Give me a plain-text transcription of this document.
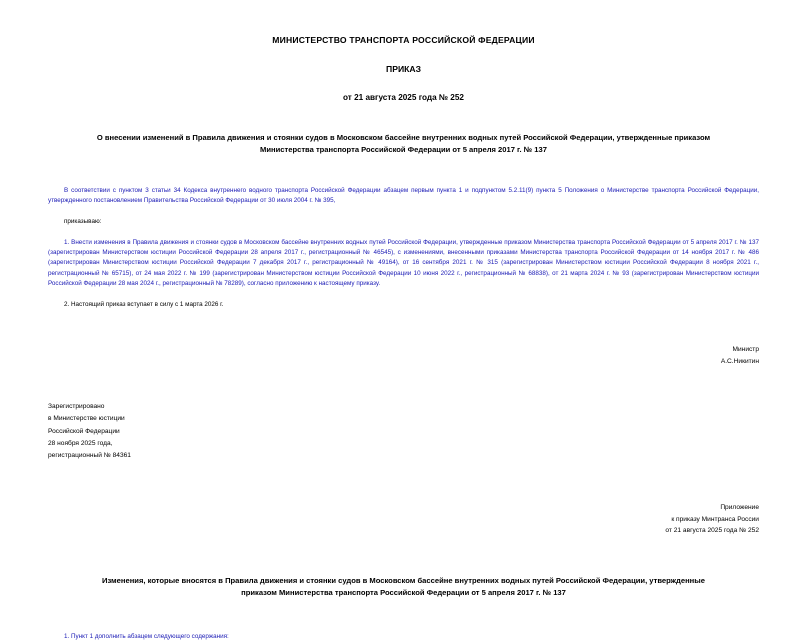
МИНИСТЕРСТВО ТРАНСПОРТА РОССИЙСКОЙ ФЕДЕРАЦИИ
ПРИКАЗ
от 21 августа 2025 года № 252
О внесении изменений в Правила движения и стоянки судов в Московском бассейне внутренних водных путей Российской Федерации, утвержденные приказом
Министерства транспорта Российской Федерации от 5 апреля 2017 г. № 137
В соответствии с пунктом 3 статьи 34 Кодекса внутреннего водного транспорта Российской Федерации абзацем первым пункта 1 и подпунктом 5.2.11(9) пункта 5 Положения о Министерстве транспорта Российской Федерации, утвержденного постановлением Правительства Российской Федерации от 30 июля 2004 г. № 395,
приказываю:
1. Внести изменения в Правила движения и стоянки судов в Московском бассейне внутренних водных путей Российской Федерации, утвержденные приказом Министерства транспорта Российской Федерации от 5 апреля 2017 г. № 137 (зарегистрирован Министерством юстиции Российской Федерации 28 апреля 2017 г., регистрационный № 46545), с изменениями, внесенными приказами Министерства транспорта Российской Федерации от 14 ноября 2017 г. № 486 (зарегистрирован Министерством юстиции Российской Федерации 7 декабря 2017 г., регистрационный № 49164), от 16 сентября 2021 г. № 315 (зарегистрирован Министерством юстиции Российской Федерации 8 ноября 2021 г., регистрационный № 65715), от 24 мая 2022 г. № 199 (зарегистрирован Министерством юстиции Российской Федерации 10 июня 2022 г., регистрационный № 68838), от 21 марта 2024 г. № 93 (зарегистрирован Министерством юстиции Российской Федерации 28 мая 2024 г., регистрационный № 78289), согласно приложению к настоящему приказу.
2. Настоящий приказ вступает в силу с 1 марта 2026 г.
Министр
А.С.Никитин
Зарегистрировано
в Министерстве юстиции
Российской Федерации
28 ноября 2025 года,
регистрационный № 84361
Приложение
к приказу Минтранса России
от 21 августа 2025 года № 252
Изменения, которые вносятся в Правила движения и стоянки судов в Московском бассейне внутренних водных путей Российской Федерации, утвержденные
приказом Министерства транспорта Российской Федерации от 5 апреля 2017 г. № 137
1. Пункт 1 дополнить абзацем следующего содержания:
